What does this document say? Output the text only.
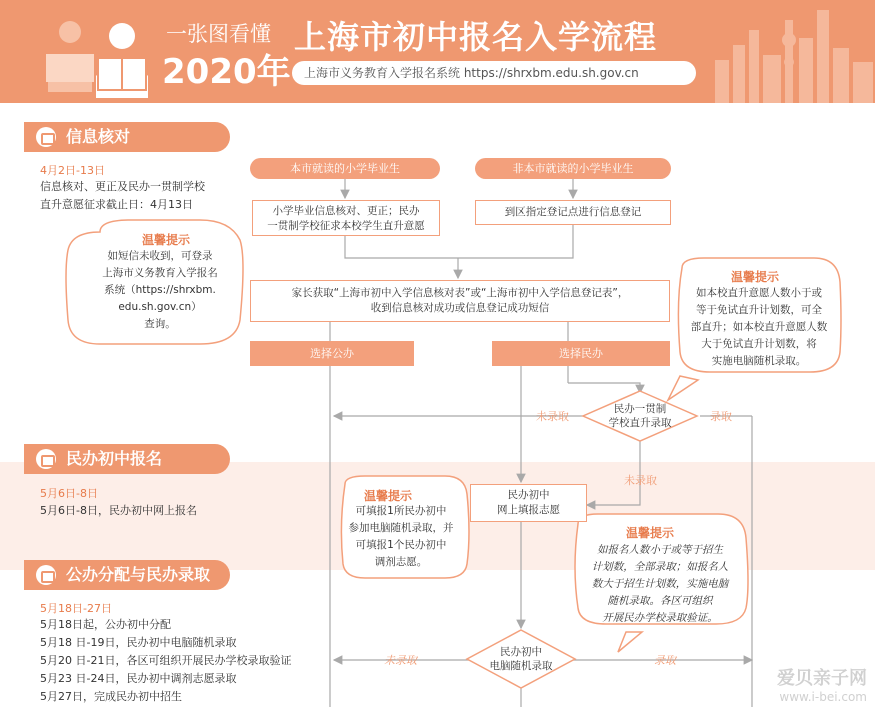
一张图看懂
2020年
上海市初中报名入学流程
上海市义务教育入学报名系统 https://shrxbm.edu.sh.gov.cn
信息核对
4月2日-13日
信息核对、更正及民办一贯制学校
直升意愿征求截止日：4月13日
民办初中报名
5月6日-8日
5月6日-8日，民办初中网上报名
公办分配与民办录取
5月18日-27日
5月18日起，公办初中分配
5月18 日-19日，民办初中电脑随机录取
5月20 日-21日，各区可组织开展民办学校录取验证
5月23 日-24日，民办初中调剂志愿录取
5月27日，完成民办初中招生
本市就读的小学毕业生	非本市就读的小学毕业生
小学毕业信息核对、更正；民办
一贯制学校征求本校学生直升意愿
到区指定登记点进行信息登记
家长获取“上海市初中入学信息核对表”或“上海市初中入学信息登记表”，
收到信息核对成功或信息登记成功短信
选择公办	选择民办
民办一贯制
学校直升录取
民办初中
网上填报志愿
民办初中
电脑随机录取
未录取	录取
未录取
未录取	录取
温馨提示
如短信未收到，可登录
上海市义务教育入学报名
系统（https://shrxbm.
edu.sh.gov.cn）
查询。
温馨提示
如本校直升意愿人数小于或
等于免试直升计划数，可全
部直升；如本校直升意愿人数
大于免试直升计划数，将
实施电脑随机录取。
温馨提示
可填报1所民办初中
参加电脑随机录取，并
可填报1个民办初中
调剂志愿。
温馨提示
如报名人数小于或等于招生
计划数，全部录取；如报名人
数大于招生计划数，实施电脑
随机录取。各区可组织
开展民办学校录取验证。
爱贝亲子网
www.i-bei.com
